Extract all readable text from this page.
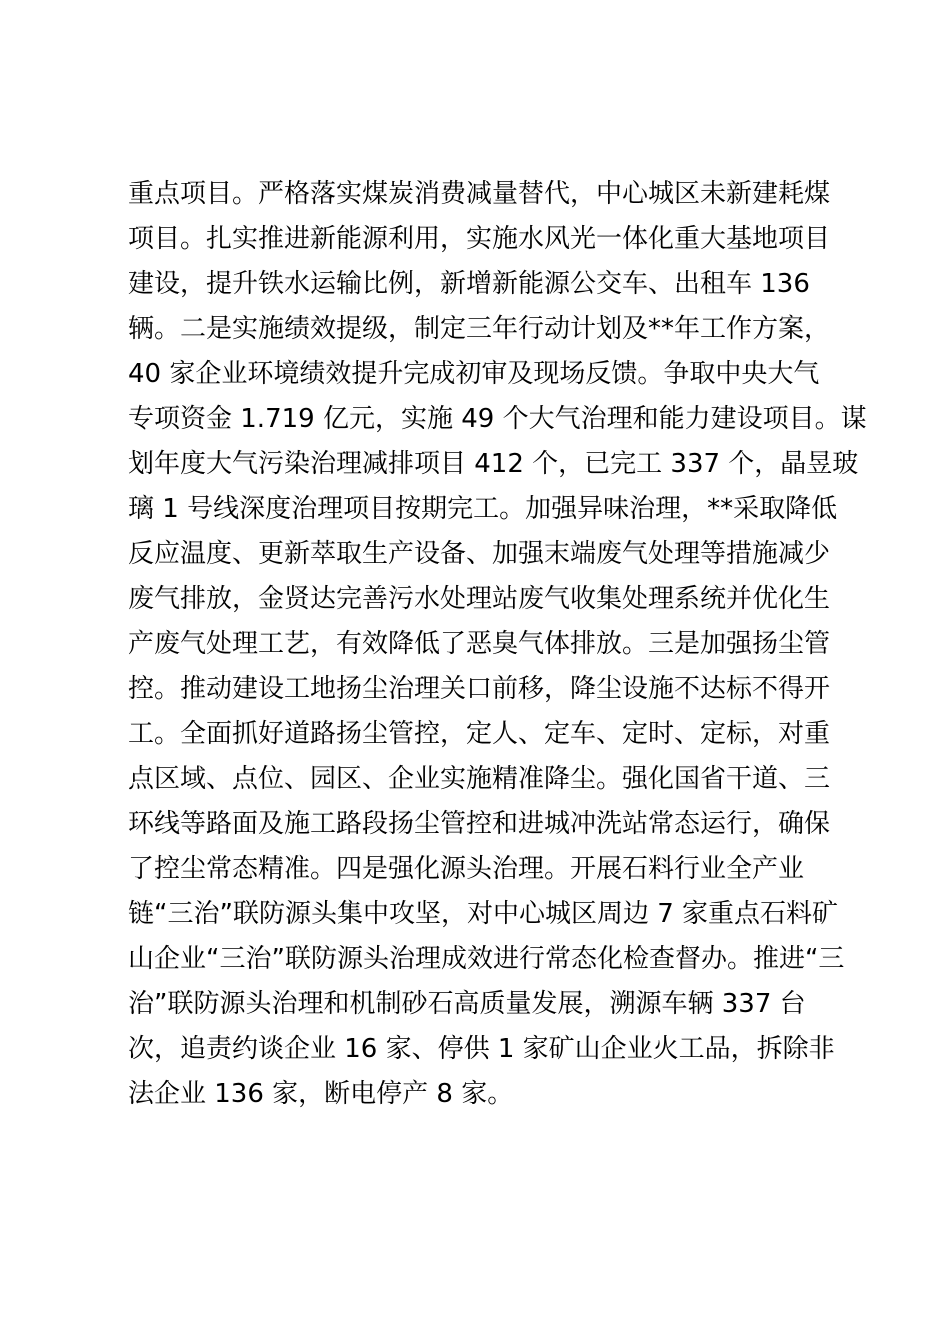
重点项目。严格落实煤炭消费减量替代，中心城区未新建耗煤
项目。扎实推进新能源利用，实施水风光一体化重大基地项目
建设，提升铁水运输比例，新增新能源公交车、出租车 136
辆。二是实施绩效提级，制定三年行动计划及**年工作方案，
40 家企业环境绩效提升完成初审及现场反馈。争取中央大气
专项资金 1.719 亿元，实施 49 个大气治理和能力建设项目。谋
划年度大气污染治理减排项目 412 个，已完工 337 个，晶昱玻
璃 1 号线深度治理项目按期完工。加强异味治理，**采取降低
反应温度、更新萃取生产设备、加强末端废气处理等措施减少
废气排放，金贤达完善污水处理站废气收集处理系统并优化生
产废气处理工艺，有效降低了恶臭气体排放。三是加强扬尘管
控。推动建设工地扬尘治理关口前移，降尘设施不达标不得开
工。全面抓好道路扬尘管控，定人、定车、定时、定标，对重
点区域、点位、园区、企业实施精准降尘。强化国省干道、三
环线等路面及施工路段扬尘管控和进城冲洗站常态运行，确保
了控尘常态精准。四是强化源头治理。开展石料行业全产业
链“三治”联防源头集中攻坚，对中心城区周边 7 家重点石料矿
山企业“三治”联防源头治理成效进行常态化检查督办。推进“三
治”联防源头治理和机制砂石高质量发展，溯源车辆 337 台
次，追责约谈企业 16 家、停供 1 家矿山企业火工品，拆除非
法企业 136 家，断电停产 8 家。
